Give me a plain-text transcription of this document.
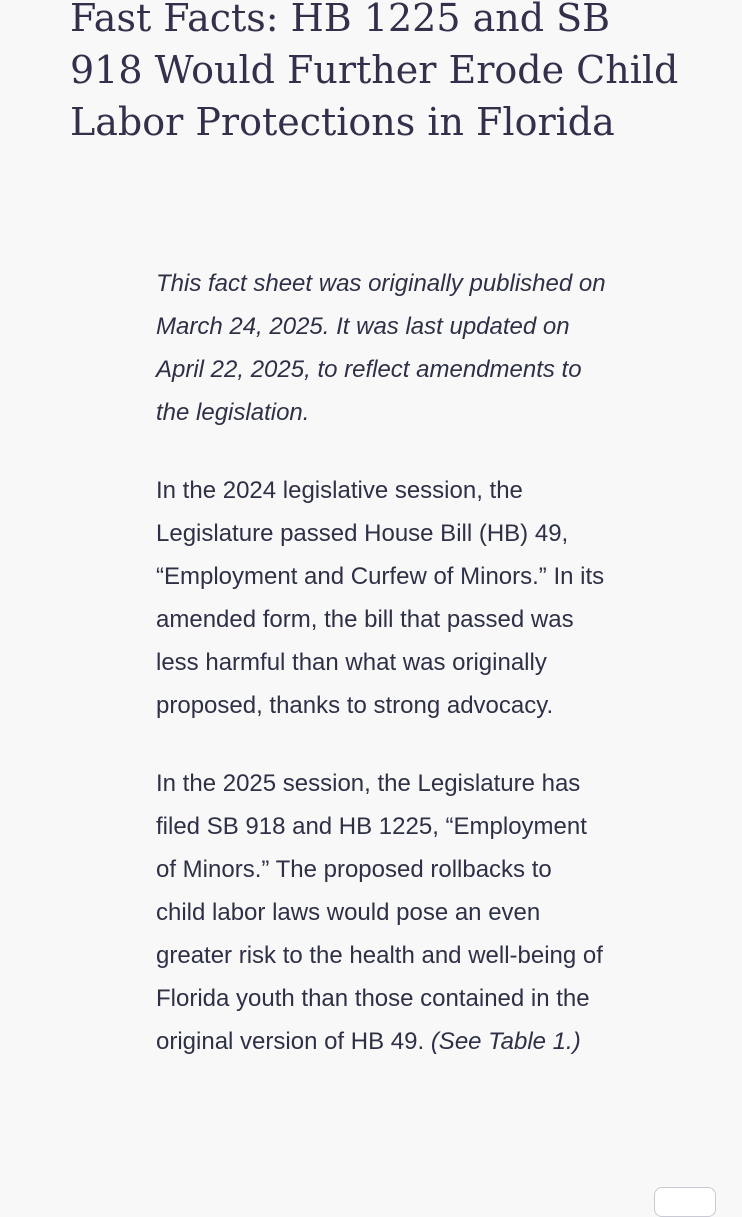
Fast Facts: HB 1225 and SB 918 Would Further Erode Child Labor Protections in Florida

This fact sheet was originally published on March 24, 2025. It was last updated on April 22, 2025, to reflect amendments to the legislation.

In the 2024 legislative session, the Legislature passed House Bill (HB) 49, “Employment and Curfew of Minors.” In its amended form, the bill that passed was less harmful than what was originally proposed, thanks to strong advocacy.

In the 2025 session, the Legislature has filed SB 918 and HB 1225, “Employment of Minors.” The proposed rollbacks to child labor laws would pose an even greater risk to the health and well-being of Florida youth than those contained in the original version of HB 49. (See Table 1.)
